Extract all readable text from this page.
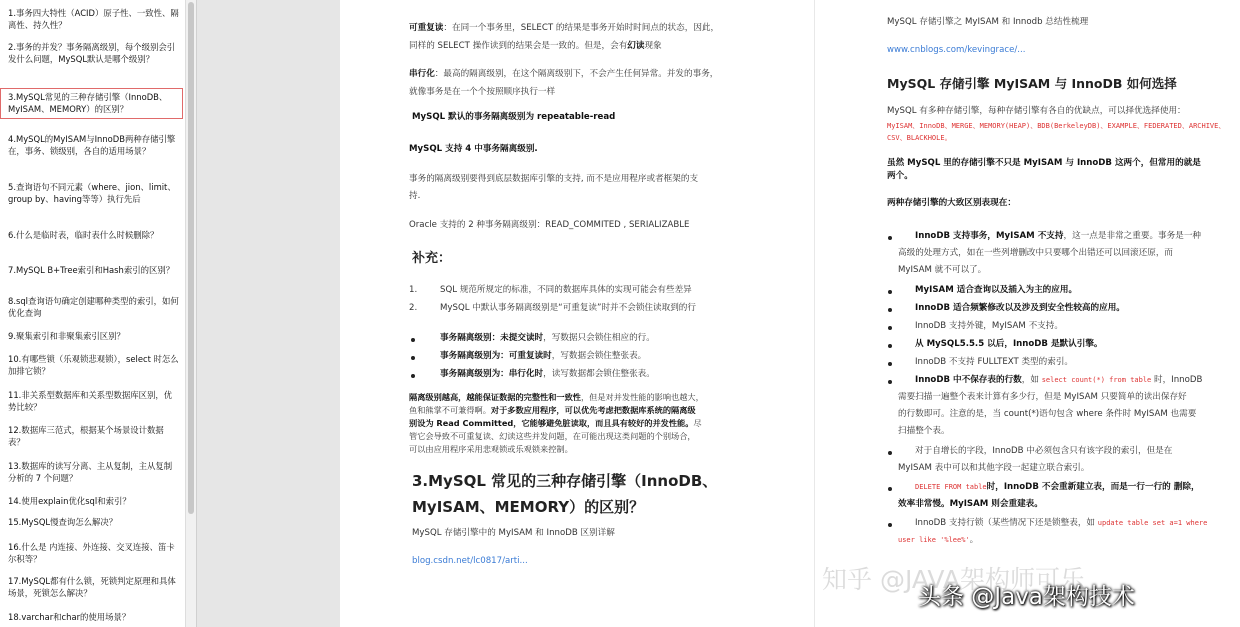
1.事务四大特性（ACID）原子性、一致性、隔离性、持久性？
2.事务的并发？事务隔离级别，每个级别会引发什么问题，MySQL默认是哪个级别？
3.MySQL常见的三种存储引擎（InnoDB、MyISAM、MEMORY）的区别？
4.MySQL的MyISAM与InnoDB两种存储引擎在，事务、锁级别，各自的适用场景？
5.查询语句不同元素（where、jion、limit、group by、having等等）执行先后
6.什么是临时表，临时表什么时候删除？
7.MySQL B+Tree索引和Hash索引的区别？
8.sql查询语句确定创建哪种类型的索引，如何优化查询
9.聚集索引和非聚集索引区别？
10.有哪些锁（乐观锁悲观锁），select 时怎么加排它锁？
11.非关系型数据库和关系型数据库区别，优势比较？
12.数据库三范式，根据某个场景设计数据表？
13.数据库的读写分离、主从复制，主从复制分析的 7 个问题？
14.使用explain优化sql和索引？
15.MySQL慢查询怎么解决？
16.什么是 内连接、外连接、交叉连接、笛卡尔积等？
17.MySQL都有什么锁，死锁判定原理和具体场景，死锁怎么解决？
18.varchar和char的使用场景？
可重复读：在同一个事务里，SELECT 的结果是事务开始时时间点的状态，因此，
同样的 SELECT 操作读到的结果会是一致的。但是，会有幻读现象
串行化：最高的隔离级别，在这个隔离级别下，不会产生任何异常。并发的事务，
就像事务是在一个个按照顺序执行一样
MySQL 默认的事务隔离级别为 repeatable-read
MySQL 支持 4 中事务隔离级别.
事务的隔离级别要得到底层数据库引擎的支持, 而不是应用程序或者框架的支
持.
Oracle 支持的 2 种事务隔离级别：READ_COMMITED , SERIALIZABLE
补充：
1.	SQL 规范所规定的标准，不同的数据库具体的实现可能会有些差异
2.	MySQL 中默认事务隔离级别是“可重复读”时并不会锁住读取到的行
事务隔离级别：未提交读时，写数据只会锁住相应的行。
事务隔离级别为：可重复读时，写数据会锁住整张表。
事务隔离级别为：串行化时，读写数据都会锁住整张表。
隔离级别越高，越能保证数据的完整性和一致性，但是对并发性能的影响也越大，
鱼和熊掌不可兼得啊。对于多数应用程序，可以优先考虑把数据库系统的隔离级
别设为 Read Committed，它能够避免脏读取，而且具有较好的并发性能。尽
管它会导致不可重复读、幻读这些并发问题，在可能出现这类问题的个别场合，
可以由应用程序采用悲观锁或乐观锁来控制。
3.MySQL 常见的三种存储引擎（InnoDB、
MyISAM、MEMORY）的区别？
MySQL 存储引擎中的 MyISAM 和 InnoDB 区别详解
blog.csdn.net/lc0817/arti...
MySQL 存储引擎之 MyISAM 和 Innodb 总结性梳理
www.cnblogs.com/kevingrace/...
MySQL 存储引擎 MyISAM 与 InnoDB 如何选择
MySQL 有多种存储引擎，每种存储引擎有各自的优缺点，可以择优选择使用：
MyISAM、InnoDB、MERGE、MEMORY(HEAP)、BDB(BerkeleyDB)、EXAMPLE、FEDERATED、ARCHIVE、
CSV、BLACKHOLE。
虽然 MySQL 里的存储引擎不只是 MyISAM 与 InnoDB 这两个，但常用的就是
两个。
两种存储引擎的大致区别表现在：
InnoDB 支持事务，MyISAM 不支持，这一点是非常之重要。事务是一种
高级的处理方式，如在一些列增删改中只要哪个出错还可以回滚还原，而
MyISAM 就不可以了。
MyISAM 适合查询以及插入为主的应用。
InnoDB 适合频繁修改以及涉及到安全性较高的应用。
InnoDB 支持外键，MyISAM 不支持。
从 MySQL5.5.5 以后，InnoDB 是默认引擎。
InnoDB 不支持 FULLTEXT 类型的索引。
InnoDB 中不保存表的行数，如 select count(*) from table 时，InnoDB
需要扫描一遍整个表来计算有多少行，但是 MyISAM 只要简单的读出保存好
的行数即可。注意的是，当 count(*)语句包含 where 条件时 MyISAM 也需要
扫描整个表。
对于自增长的字段，InnoDB 中必须包含只有该字段的索引，但是在
MyISAM 表中可以和其他字段一起建立联合索引。
DELETE FROM table时，InnoDB 不会重新建立表，而是一行一行的 删除，
效率非常慢。MyISAM 则会重建表。
InnoDB 支持行锁（某些情况下还是锁整表，如 update table set a=1 where
user like '%lee%'。
知乎 @JAVA架构师可乐
头条 @Java架构技术
